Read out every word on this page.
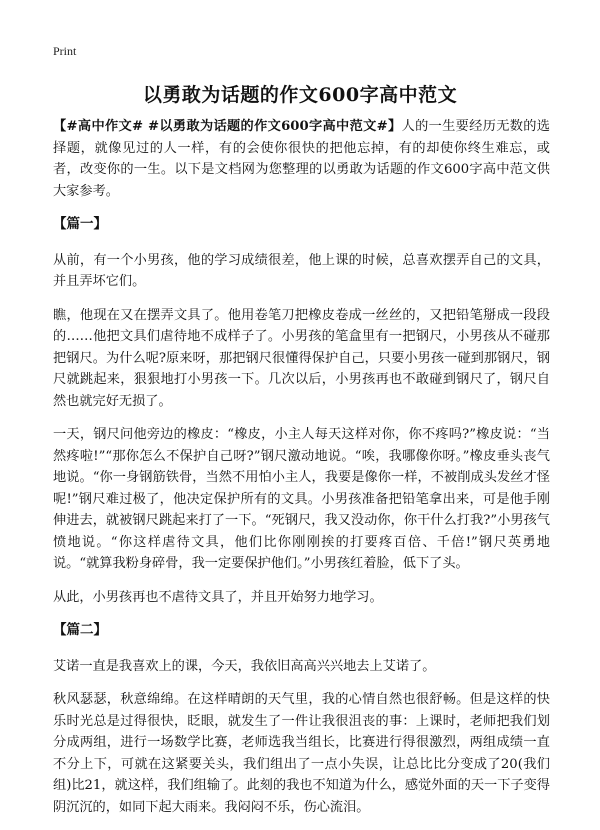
Print
以勇敢为话题的作文600字高中范文

【#高中作文# #以勇敢为话题的作文600字高中范文#】人的一生要经历无数的选择题，就像见过的人一样，有的会使你很快的把他忘掉，有的却使你终生难忘，或者，改变你的一生。以下是文档网为您整理的以勇敢为话题的作文600字高中范文供大家参考。

【篇一】

从前，有一个小男孩，他的学习成绩很差，他上课的时候，总喜欢摆弄自己的文具，并且弄坏它们。

瞧，他现在又在摆弄文具了。他用卷笔刀把橡皮卷成一丝丝的，又把铅笔掰成一段段的……他把文具们虐待地不成样子了。小男孩的笔盒里有一把钢尺，小男孩从不碰那把钢尺。为什么呢?原来呀，那把钢尺很懂得保护自己，只要小男孩一碰到那钢尺，钢尺就跳起来，狠狠地打小男孩一下。几次以后，小男孩再也不敢碰到钢尺了，钢尺自然也就完好无损了。

一天，钢尺问他旁边的橡皮：“橡皮，小主人每天这样对你，你不疼吗?”橡皮说：“当然疼啦!”“那你怎么不保护自己呀?”钢尺激动地说。“唉，我哪像你呀。”橡皮垂头丧气地说。“你一身钢筋铁骨，当然不用怕小主人，我要是像你一样，不被削成头发丝才怪呢!”钢尺难过极了，他决定保护所有的文具。小男孩准备把铅笔拿出来，可是他手刚伸进去，就被钢尺跳起来打了一下。“死钢尺，我又没动你，你干什么打我?”小男孩气愤地说。“你这样虐待文具，他们比你刚刚挨的打要疼百倍、千倍!”钢尺英勇地说。“就算我粉身碎骨，我一定要保护他们。”小男孩红着脸，低下了头。

从此，小男孩再也不虐待文具了，并且开始努力地学习。

【篇二】

艾诺一直是我喜欢上的课，今天，我依旧高高兴兴地去上艾诺了。

秋风瑟瑟，秋意绵绵。在这样晴朗的天气里，我的心情自然也很舒畅。但是这样的快乐时光总是过得很快，眨眼，就发生了一件让我很沮丧的事：上课时，老师把我们划分成两组，进行一场数学比赛，老师选我当组长，比赛进行得很激烈，两组成绩一直不分上下，可就在这紧要关头，我们组出了一点小失误，让总比比分变成了20(我们组)比21，就这样，我们组输了。此刻的我也不知道为什么，感觉外面的天一下子变得阴沉沉的，如同下起大雨来。我闷闷不乐，伤心流泪。
